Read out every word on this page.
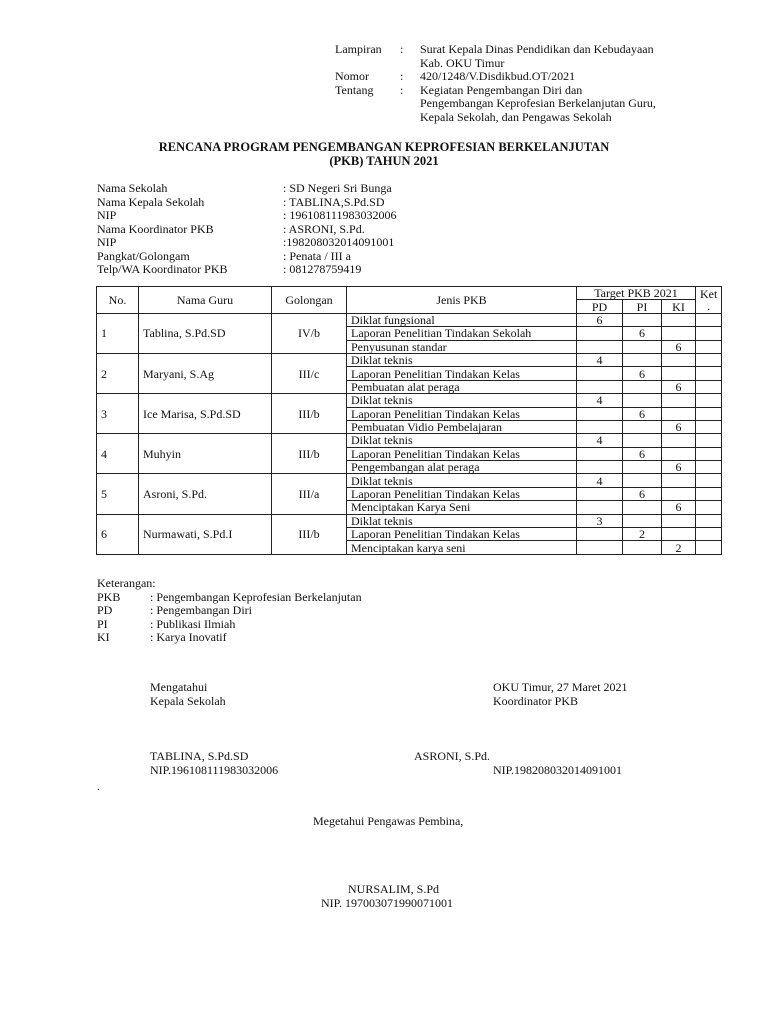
Lampiran	:	Surat Kepala Dinas Pendidikan dan Kebudayaan
Kab. OKU Timur
Nomor	:	420/1248/V.Disdikbud.OT/2021
Tentang	:	Kegiatan Pengembangan Diri dan
Pengembangan Keprofesian Berkelanjutan Guru,
Kepala Sekolah, dan Pengawas Sekolah
RENCANA PROGRAM PENGEMBANGAN KEPROFESIAN BERKELANJUTAN
(PKB) TAHUN 2021
Nama Sekolah	: SD Negeri Sri Bunga
Nama Kepala Sekolah	: TABLINA,S.Pd.SD
NIP	: 196108111983032006
Nama Koordinator PKB	: ASRONI, S.Pd.
NIP	:198208032014091001
Pangkat/Golongam	: Penata / III a
Telp/WA Koordinator PKB	: 081278759419
No.	Nama Guru	Golongan	Jenis PKB	Target PKB 2021			Ket .
				PD	PI	KI	
1	Tablina, S.Pd.SD	IV/b	Diklat fungsional	6			
			Laporan Penelitian Tindakan Sekolah		6		
			Penyusunan standar			6	
2	Maryani, S.Ag	III/c	Diklat teknis	4			
			Laporan Penelitian Tindakan Kelas		6		
			Pembuatan alat peraga			6	
3	Ice Marisa, S.Pd.SD	III/b	Diklat teknis	4			
			Laporan Penelitian Tindakan Kelas		6		
			Pembuatan Vidio Pembelajaran			6	
4	Muhyin	III/b	Diklat teknis	4			
			Laporan Penelitian Tindakan Kelas		6		
			Pengembangan alat peraga			6	
5	Asroni, S.Pd.	III/a	Diklat teknis	4			
			Laporan Penelitian Tindakan Kelas		6		
			Menciptakan Karya Seni			6	
6	Nurmawati, S.Pd.I	III/b	Diklat teknis	3			
			Laporan Penelitian Tindakan Kelas		2		
			Menciptakan karya seni			2	
Keterangan:
PKB	: Pengembangan Keprofesian Berkelanjutan
PD	: Pengembangan Diri
PI	: Publikasi Ilmiah
KI	: Karya Inovatif
Mengatahui
Kepala Sekolah
OKU Timur, 27 Maret 2021
Koordinator PKB
TABLINA, S.Pd.SD
NIP.196108111983032006
ASRONI, S.Pd.
NIP.198208032014091001
.
Megetahui Pengawas Pembina,
NURSALIM, S.Pd
NIP. 197003071990071001
